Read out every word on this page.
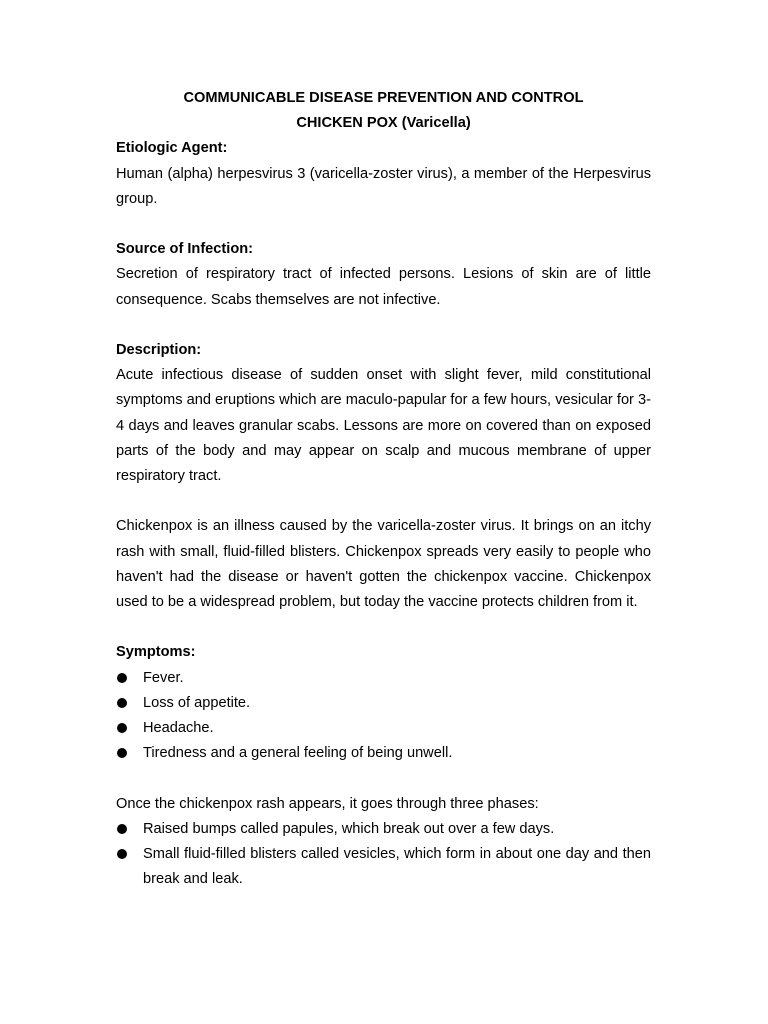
COMMUNICABLE DISEASE PREVENTION AND CONTROL

CHICKEN POX (Varicella)

Etiologic Agent:

Human (alpha) herpesvirus 3 (varicella-zoster virus), a member of the Herpesvirus group.

Source of Infection:

Secretion of respiratory tract of infected persons. Lesions of skin are of little consequence. Scabs themselves are not infective.

Description:

Acute infectious disease of sudden onset with slight fever, mild constitutional symptoms and eruptions which are maculo-papular for a few hours, vesicular for 3-4 days and leaves granular scabs. Lessons are more on covered than on exposed parts of the body and may appear on scalp and mucous membrane of upper respiratory tract.

Chickenpox is an illness caused by the varicella-zoster virus. It brings on an itchy rash with small, fluid-filled blisters. Chickenpox spreads very easily to people who haven't had the disease or haven't gotten the chickenpox vaccine. Chickenpox used to be a widespread problem, but today the vaccine protects children from it.

Symptoms:

Fever.
Loss of appetite.
Headache.
Tiredness and a general feeling of being unwell.

Once the chickenpox rash appears, it goes through three phases:

Raised bumps called papules, which break out over a few days.
Small fluid-filled blisters called vesicles, which form in about one day and then break and leak.
